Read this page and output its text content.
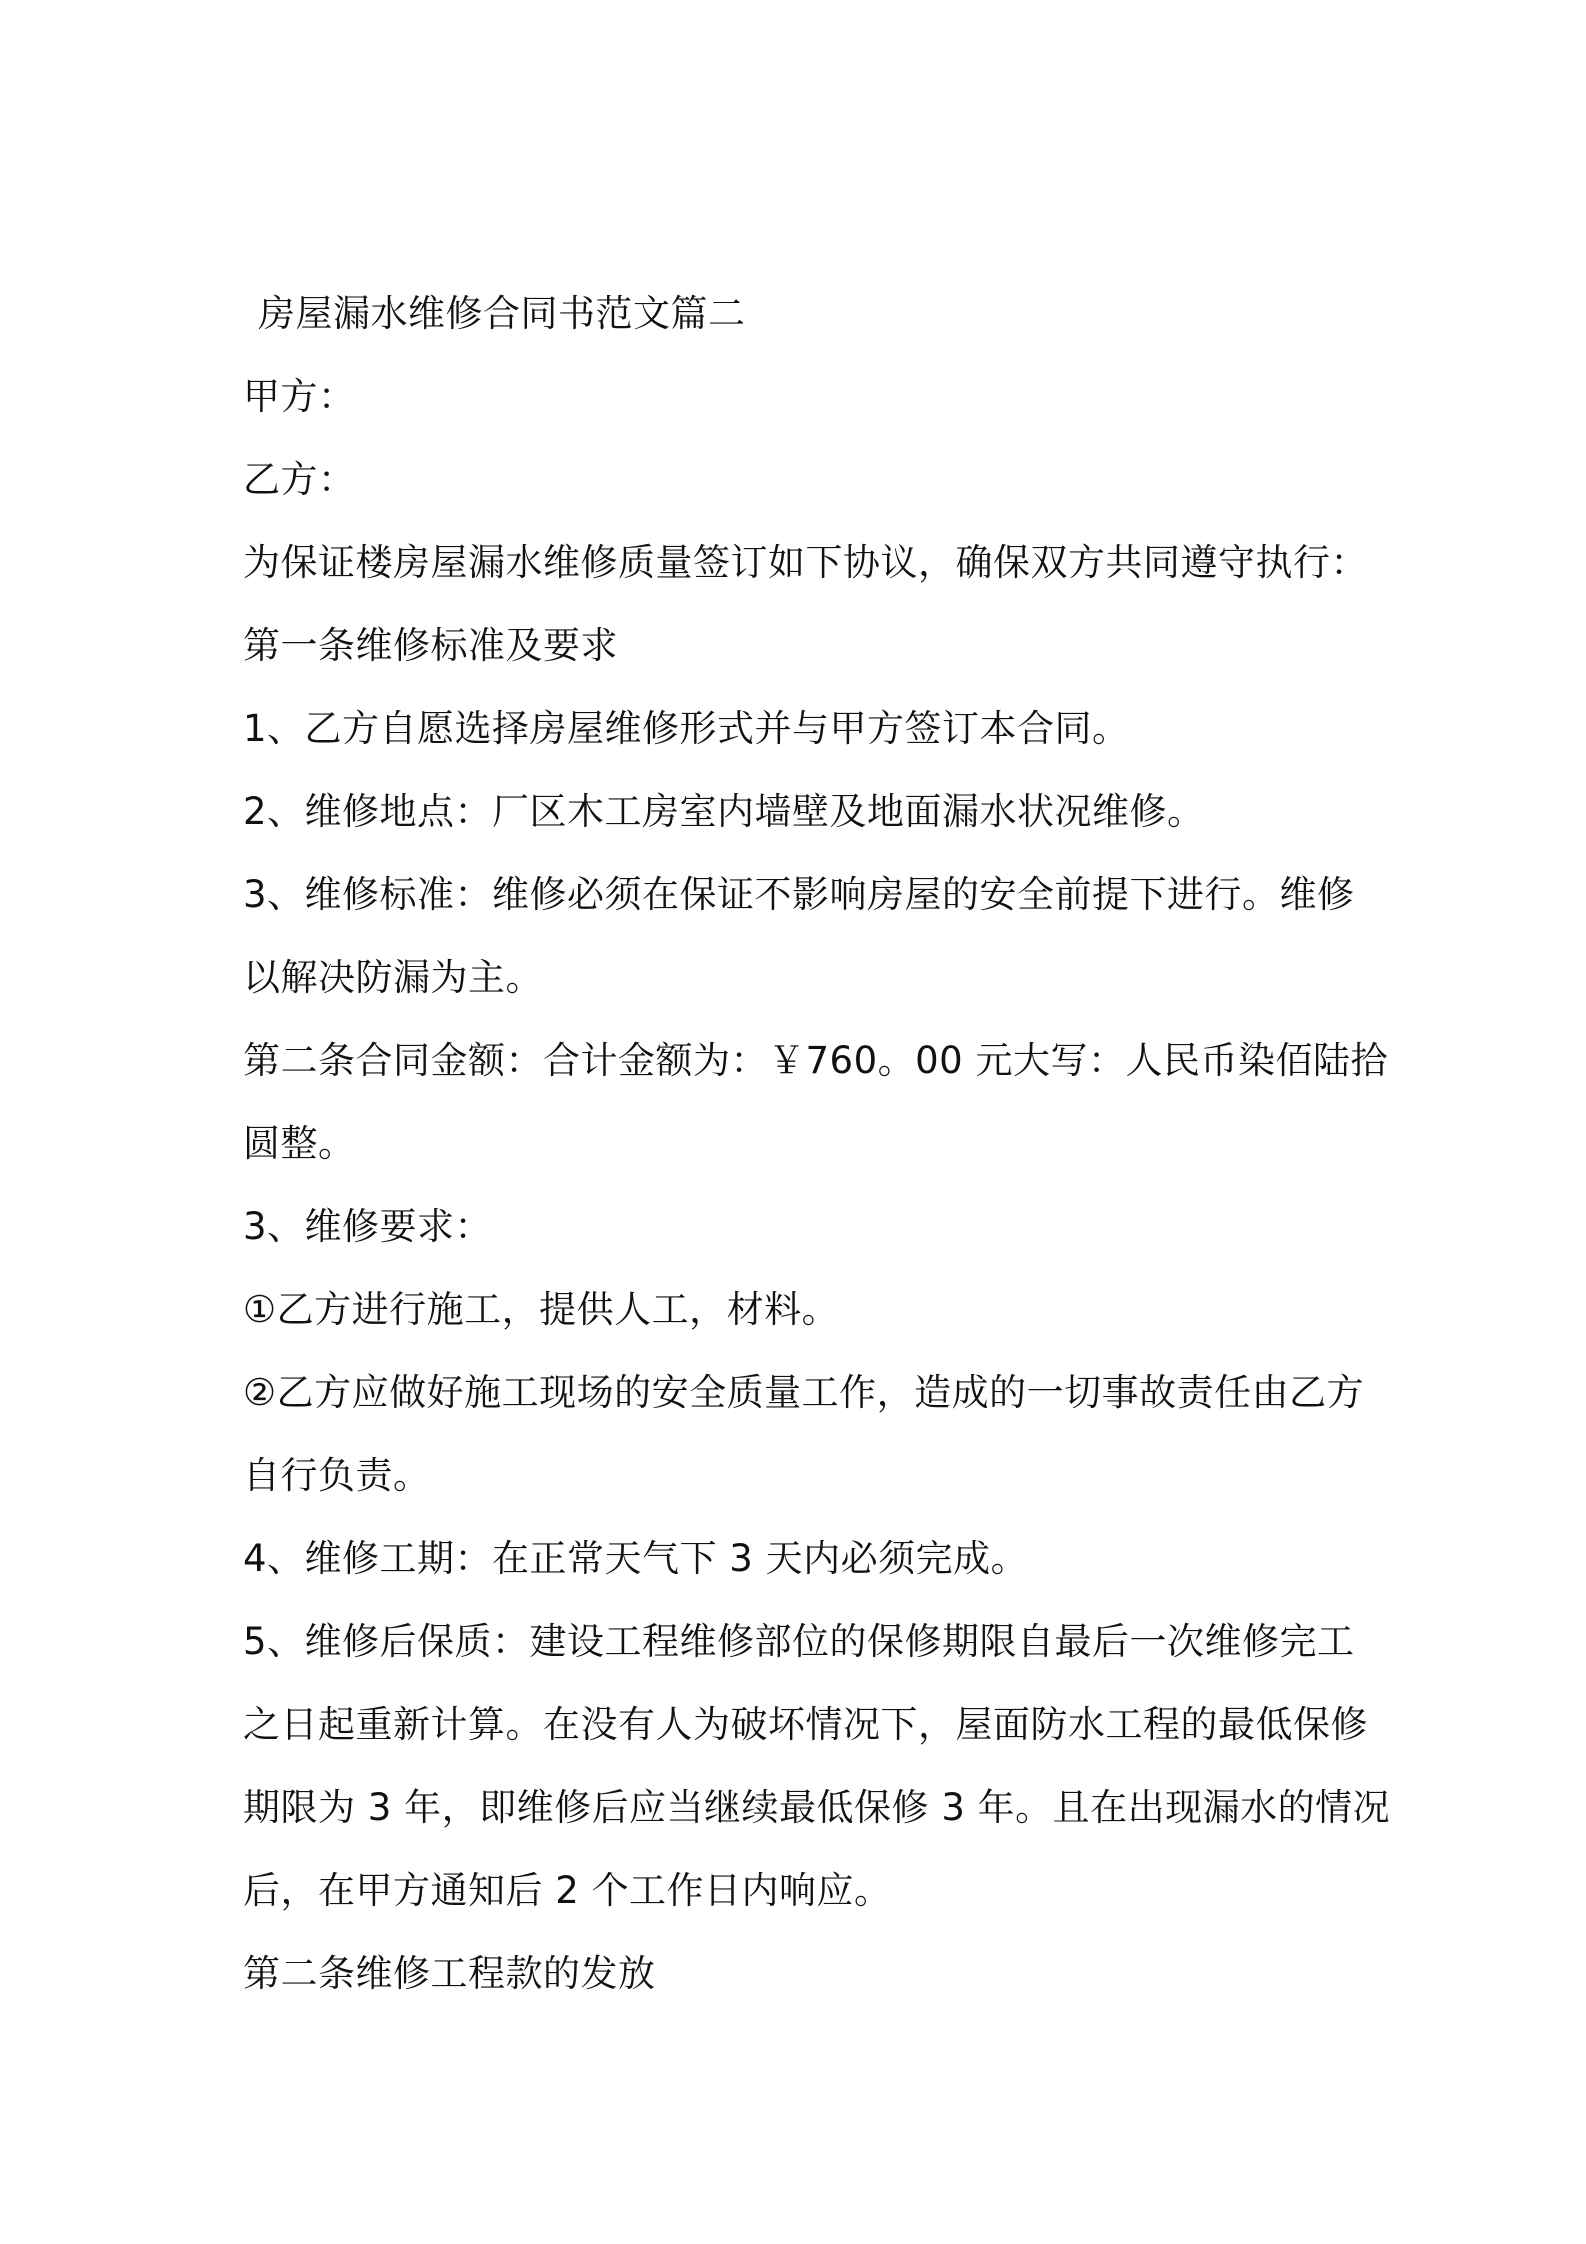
房屋漏水维修合同书范文篇二
甲方：
乙方：
为保证楼房屋漏水维修质量签订如下协议，确保双方共同遵守执行：
第一条维修标准及要求
1、乙方自愿选择房屋维修形式并与甲方签订本合同。
2、维修地点：厂区木工房室内墙壁及地面漏水状况维修。
3、维修标准：维修必须在保证不影响房屋的安全前提下进行。维修
以解决防漏为主。
第二条合同金额：合计金额为：￥760。00 元大写：人民币染佰陆拾
圆整。
3、维修要求：
①乙方进行施工，提供人工，材料。
②乙方应做好施工现场的安全质量工作，造成的一切事故责任由乙方
自行负责。
4、维修工期：在正常天气下 3 天内必须完成。
5、维修后保质：建设工程维修部位的保修期限自最后一次维修完工
之日起重新计算。在没有人为破坏情况下，屋面防水工程的最低保修
期限为 3 年，即维修后应当继续最低保修 3 年。且在出现漏水的情况
后，在甲方通知后 2 个工作日内响应。
第二条维修工程款的发放
